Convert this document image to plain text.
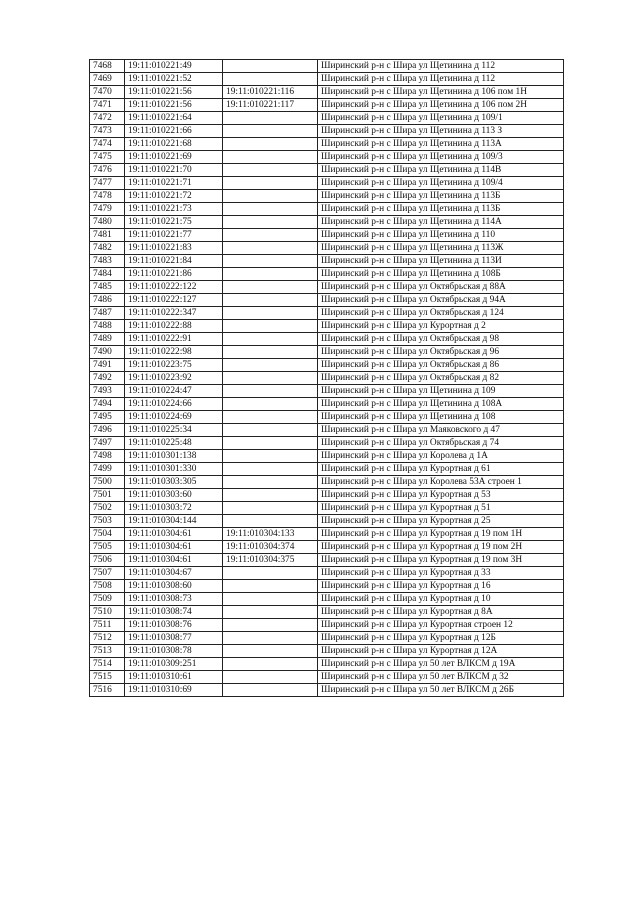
7468	19:11:010221:49		Ширинский р-н с Шира ул Щетинина д 112
7469	19:11:010221:52		Ширинский р-н с Шира ул Щетинина д 112
7470	19:11:010221:56	19:11:010221:116	Ширинский р-н с Шира ул Щетинина д 106 пом 1Н
7471	19:11:010221:56	19:11:010221:117	Ширинский р-н с Шира ул Щетинина д 106 пом 2Н
7472	19:11:010221:64		Ширинский р-н с Шира ул Щетинина д 109/1
7473	19:11:010221:66		Ширинский р-н с Шира ул Щетинина д 113 З
7474	19:11:010221:68		Ширинский р-н с Шира ул Щетинина д 113А
7475	19:11:010221:69		Ширинский р-н с Шира ул Щетинина д 109/3
7476	19:11:010221:70		Ширинский р-н с Шира ул Щетинина д 114В
7477	19:11:010221:71		Ширинский р-н с Шира ул Щетинина д 109/4
7478	19:11:010221:72		Ширинский р-н с Шира ул Щетинина д 113Б
7479	19:11:010221:73		Ширинский р-н с Шира ул Щетинина д 113Б
7480	19:11:010221:75		Ширинский р-н с Шира ул Щетинина д 114А
7481	19:11:010221:77		Ширинский р-н с Шира ул Щетинина д 110
7482	19:11:010221:83		Ширинский р-н с Шира ул Щетинина д 113Ж
7483	19:11:010221:84		Ширинский р-н с Шира ул Щетинина д 113И
7484	19:11:010221:86		Ширинский р-н с Шира ул Щетинина д 108Б
7485	19:11:010222:122		Ширинский р-н с Шира ул Октябрьская д 88А
7486	19:11:010222:127		Ширинский р-н с Шира ул Октябрьская д 94А
7487	19:11:010222:347		Ширинский р-н с Шира ул Октябрьская д 124
7488	19:11:010222:88		Ширинский р-н с Шира ул Курортная д 2
7489	19:11:010222:91		Ширинский р-н с Шира ул Октябрьская д 98
7490	19:11:010222:98		Ширинский р-н с Шира ул Октябрьская д 96
7491	19:11:010223:75		Ширинский р-н с Шира ул Октябрьская д 86
7492	19:11:010223:92		Ширинский р-н с Шира ул Октябрьская д 82
7493	19:11:010224:47		Ширинский р-н с Шира ул Щетинина д 109
7494	19:11:010224:66		Ширинский р-н с Шира ул Щетинина д 108А
7495	19:11:010224:69		Ширинский р-н с Шира ул Щетинина д 108
7496	19:11:010225:34		Ширинский р-н с Шира ул Маяковского д 47
7497	19:11:010225:48		Ширинский р-н с Шира ул Октябрьская д 74
7498	19:11:010301:138		Ширинский р-н с Шира ул Королева д 1А
7499	19:11:010301:330		Ширинский р-н с Шира ул Курортная д 61
7500	19:11:010303:305		Ширинский р-н с Шира ул Королева 53А строен 1
7501	19:11:010303:60		Ширинский р-н с Шира ул Курортная д 53
7502	19:11:010303:72		Ширинский р-н с Шира ул Курортная д 51
7503	19:11:010304:144		Ширинский р-н с Шира ул Курортная д 25
7504	19:11:010304:61	19:11:010304:133	Ширинский р-н с Шира ул Курортная д 19 пом 1Н
7505	19:11:010304:61	19:11:010304:374	Ширинский р-н с Шира ул Курортная д 19 пом 2Н
7506	19:11:010304:61	19:11:010304:375	Ширинский р-н с Шира ул Курортная д 19 пом 3Н
7507	19:11:010304:67		Ширинский р-н с Шира ул Курортная д 33
7508	19:11:010308:60		Ширинский р-н с Шира ул Курортная д 16
7509	19:11:010308:73		Ширинский р-н с Шира ул Курортная д 10
7510	19:11:010308:74		Ширинский р-н с Шира ул Курортная д 8А
7511	19:11:010308:76		Ширинский р-н с Шира ул Курортная строен 12
7512	19:11:010308:77		Ширинский р-н с Шира ул Курортная д 12Б
7513	19:11:010308:78		Ширинский р-н с Шира ул Курортная д 12А
7514	19:11:010309:251		Ширинский р-н с Шира ул 50 лет ВЛКСМ д 19А
7515	19:11:010310:61		Ширинский р-н с Шира ул 50 лет ВЛКСМ д 32
7516	19:11:010310:69		Ширинский р-н с Шира ул 50 лет ВЛКСМ д 26Б
